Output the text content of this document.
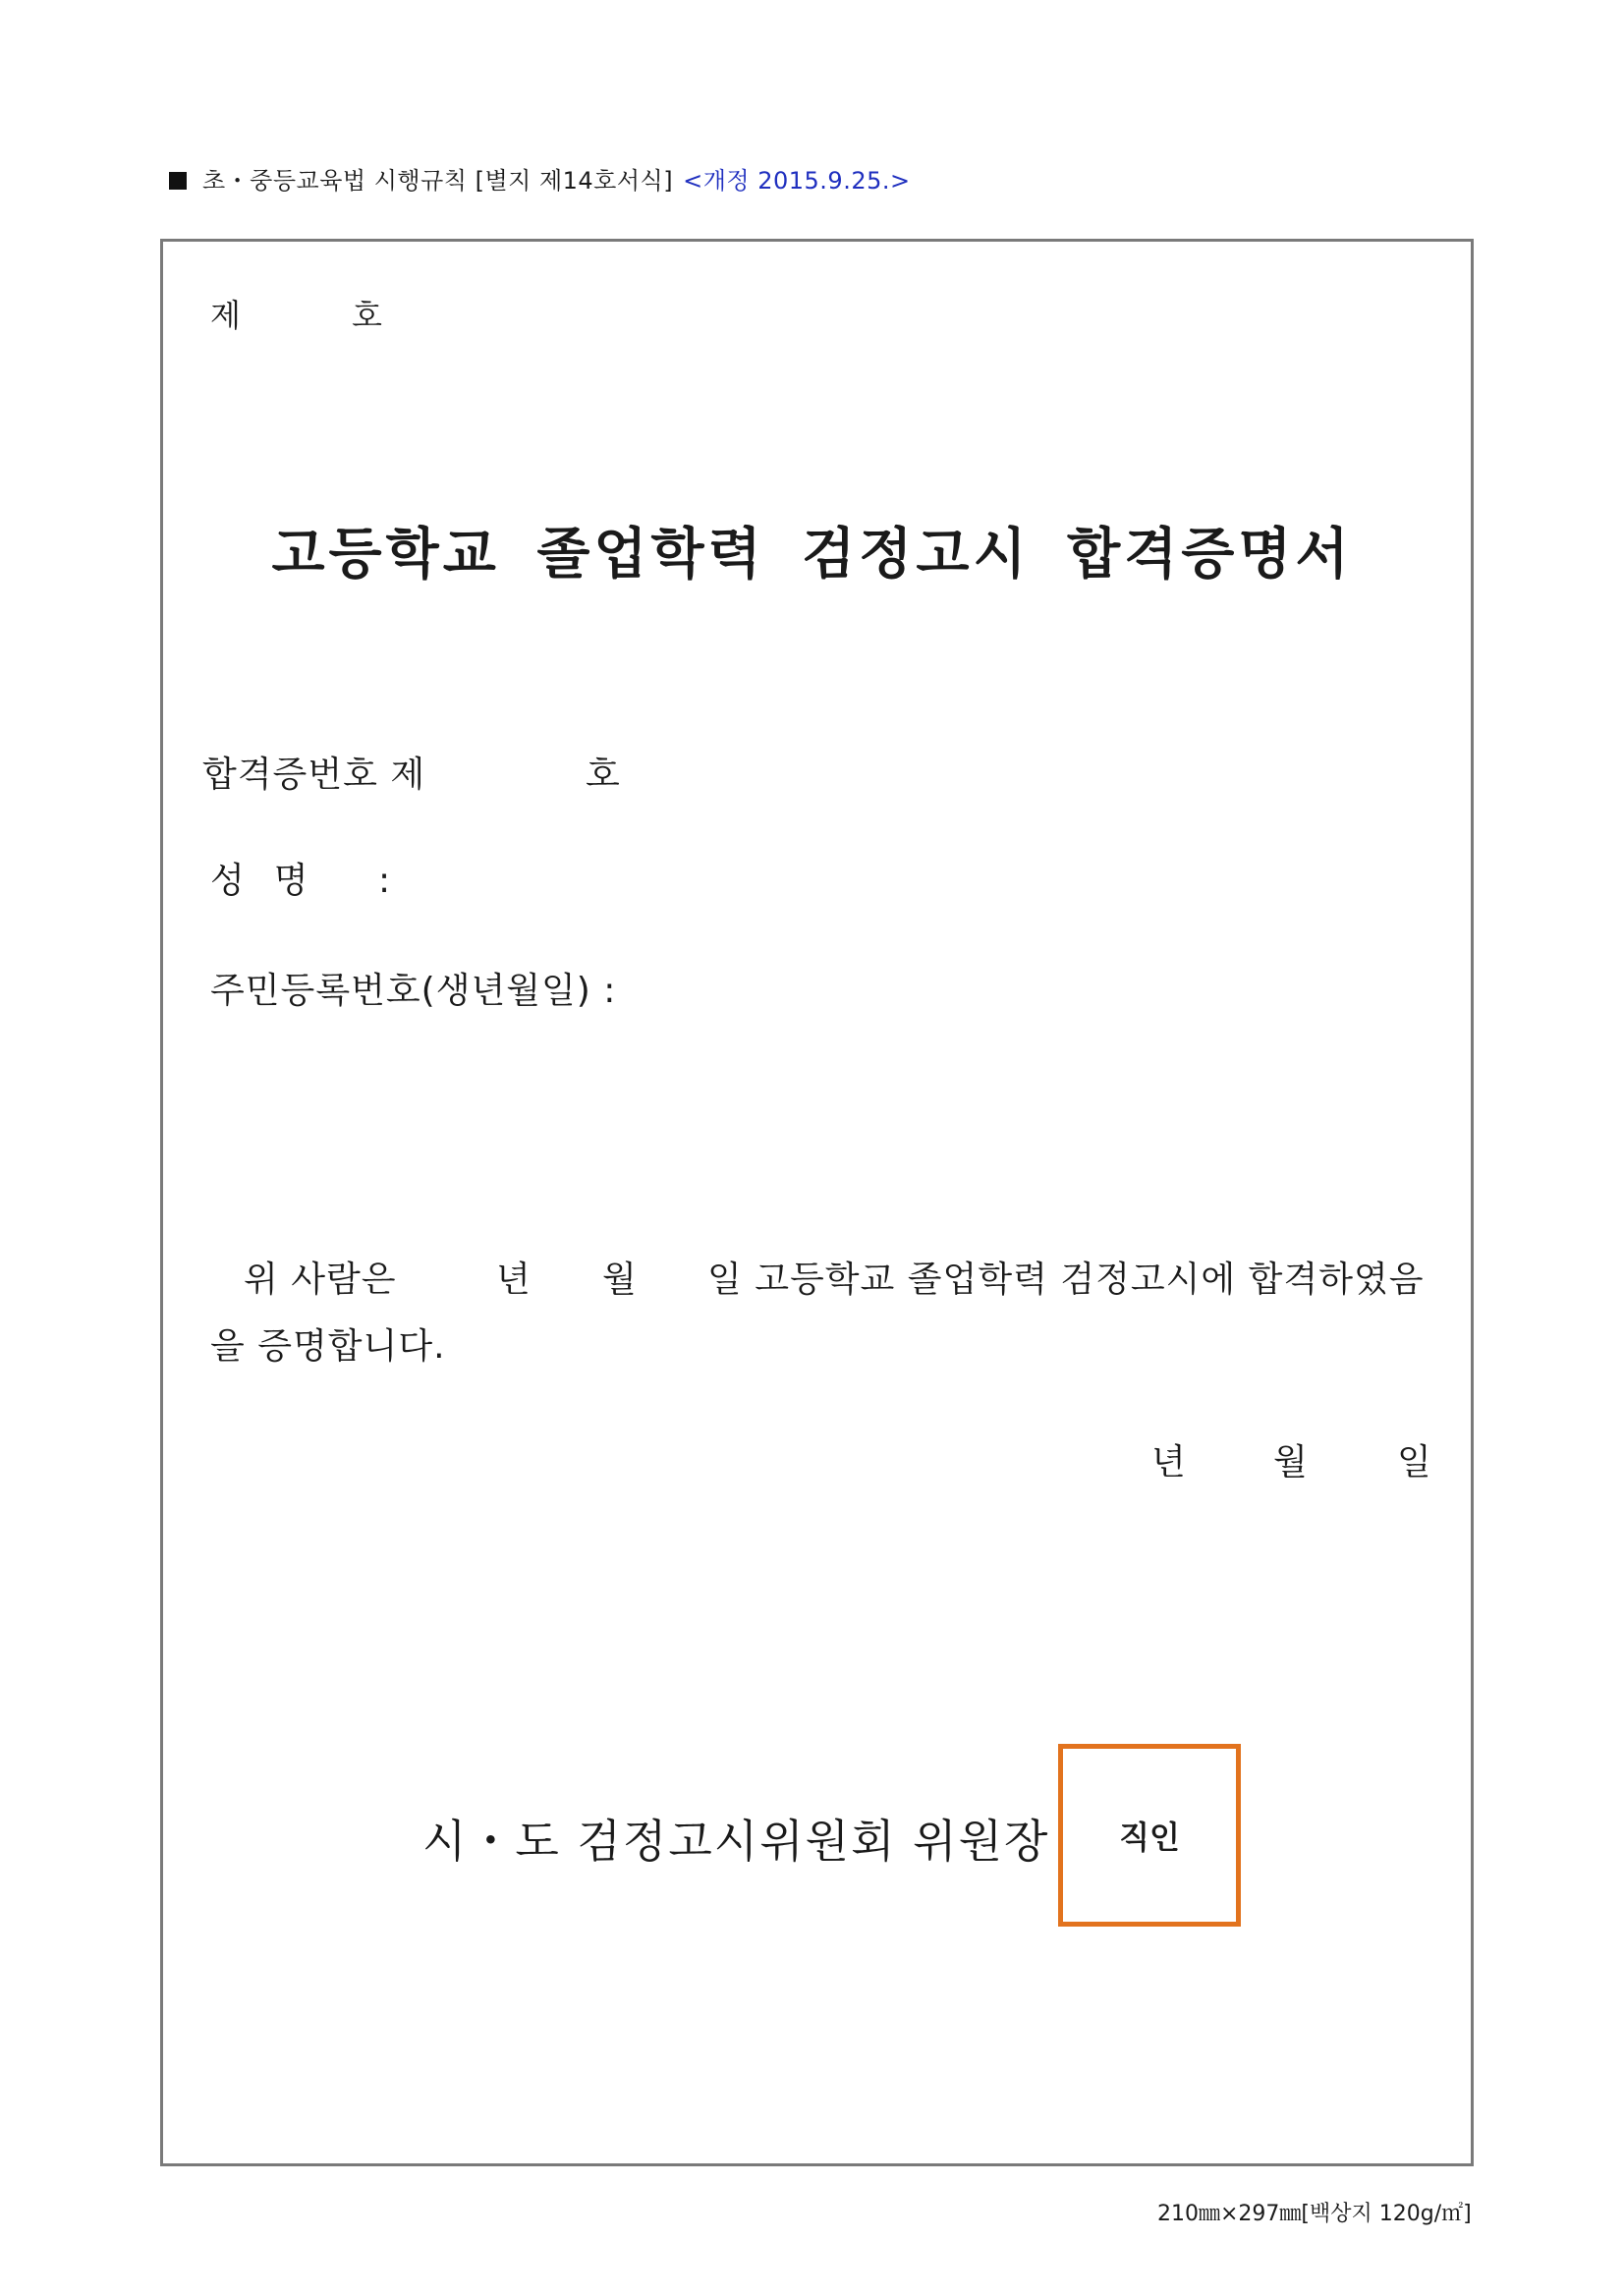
초・중등교육법 시행규칙 [별지 제14호서식] <개정 2015.9.25.>
제	호
고등학교 졸업학력 검정고시 합격증명서
합격증번호 제	호
성명 :
주민등록번호(생년월일) :
위 사람은	년 월 일 고등학교 졸업학력 검정고시에 합격하였음
을 증명합니다.
년 월	일
시・도 검정고시위원회 위원장 직인
210㎜×297㎜[백상지 120g/㎡]
